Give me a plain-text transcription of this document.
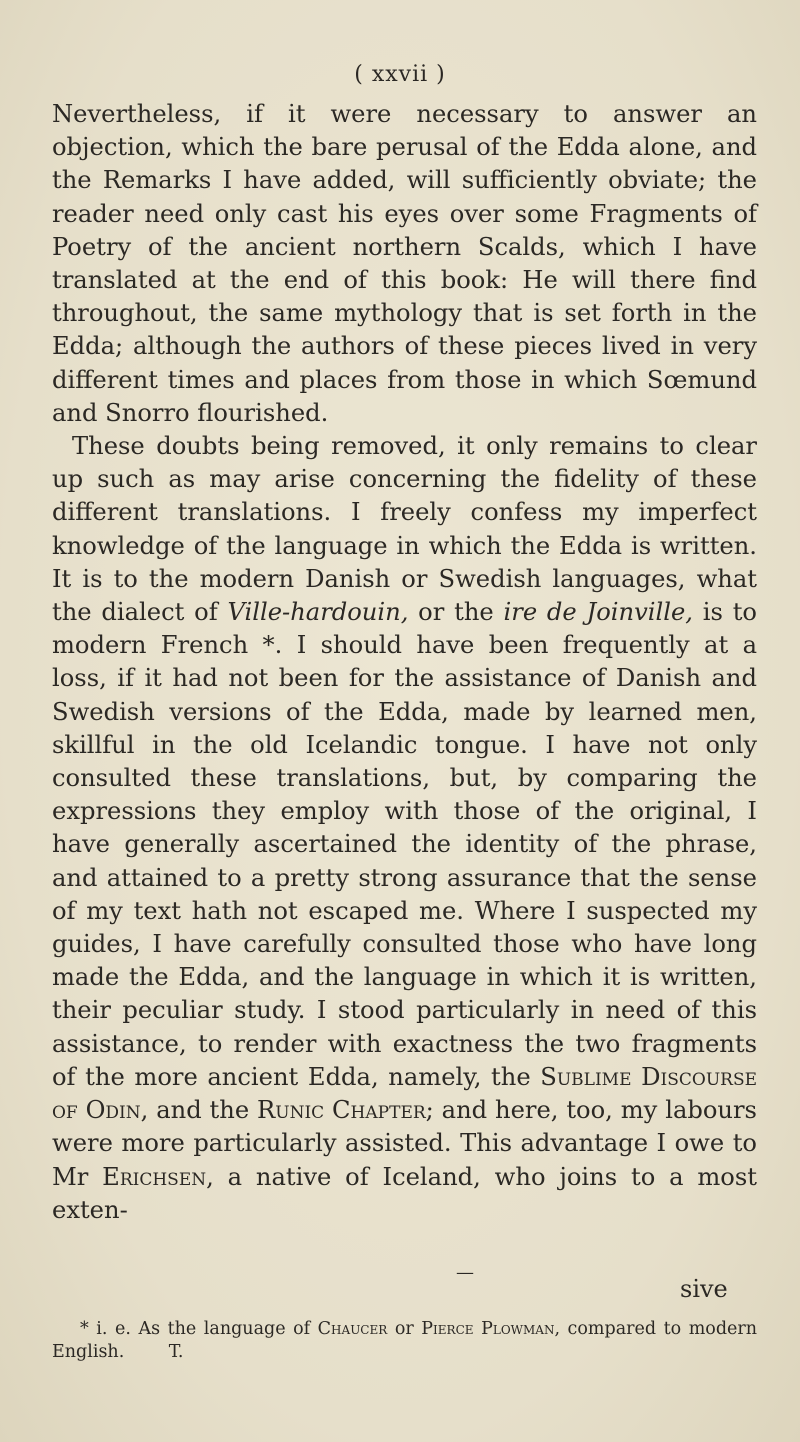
( xxvii )

Nevertheless, if it were necessary to answer an objection, which the bare perusal of the Edda alone, and the Remarks I have added, will sufficiently obviate; the reader need only cast his eyes over some Fragments of Poetry of the ancient northern Scalds, which I have translated at the end of this book: He will there find throughout, the same mythology that is set forth in the Edda; although the authors of these pieces lived in very different times and places from those in which Sœmund and Snorro flourished.

These doubts being removed, it only remains to clear up such as may arise concerning the fidelity of these different translations. I freely confess my imperfect knowledge of the language in which the Edda is written. It is to the modern Danish or Swedish languages, what the dialect of Ville-hardouin, or the ire de Joinville, is to modern French *. I should have been frequently at a loss, if it had not been for the assistance of Danish and Swedish versions of the Edda, made by learned men, skillful in the old Icelandic tongue. I have not only consulted these translations, but, by comparing the expressions they employ with those of the original, I have generally ascertained the identity of the phrase, and attained to a pretty strong assurance that the sense of my text hath not escaped me. Where I suspected my guides, I have carefully consulted those who have long made the Edda, and the language in which it is written, their peculiar study. I stood particularly in need of this assistance, to render with exactness the two fragments of the more ancient Edda, namely, the Sublime Discourse of Odin, and the Runic Chapter; and here, too, my labours were more particularly assisted. This advantage I owe to Mr Erichsen, a native of Iceland, who joins to a most exten-

—
sive
* i. e. As the language of Chaucer or Pierce Plowman, compared to modern English.	T.
